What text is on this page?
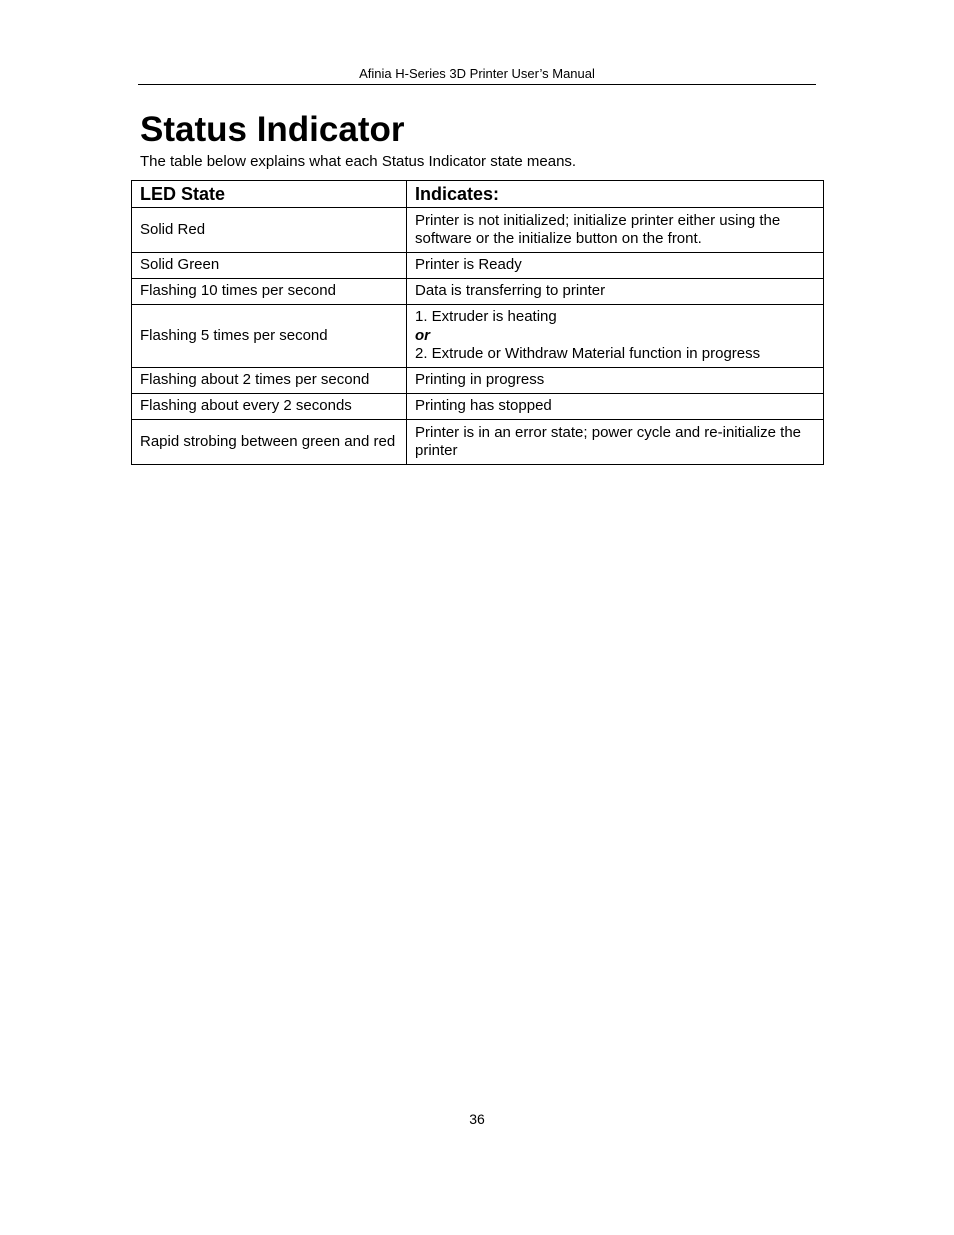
Afinia H-Series 3D Printer User’s Manual
Status Indicator

The table below explains what each Status Indicator state means.

LED State	Indicates:
Solid Red	Printer is not initialized; initialize printer either using the software or the initialize button on the front.
Solid Green	Printer is Ready
Flashing 10 times per second	Data is transferring to printer
Flashing 5 times per second	1. Extruder is heating
or
2. Extrude or Withdraw Material function in progress

Flashing about 2 times per second	Printing in progress
Flashing about every 2 seconds	Printing has stopped
Rapid strobing between green and red	Printer is in an error state; power cycle and re-initialize the printer
36
